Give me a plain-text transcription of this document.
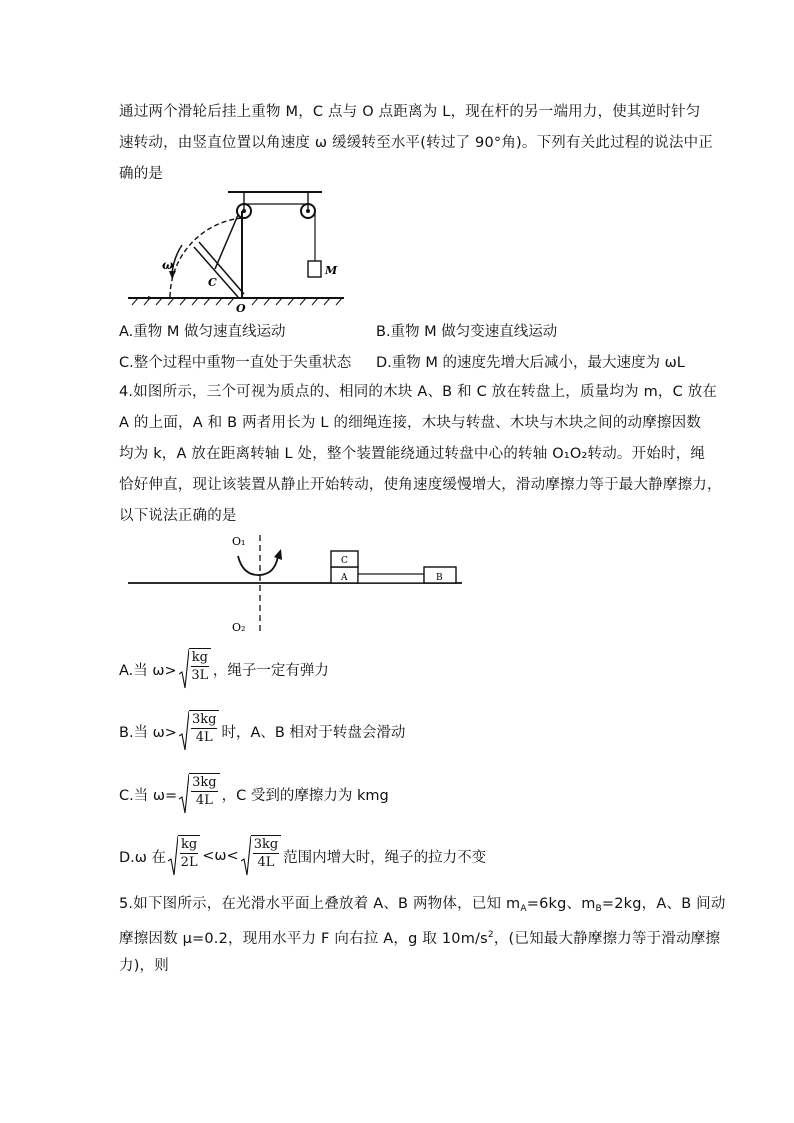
通过两个滑轮后挂上重物 M，C 点与 O 点距离为 L，现在杆的另一端用力，使其逆时针匀
速转动，由竖直位置以角速度 ω 缓缓转至水平(转过了 90°角)。下列有关此过程的说法中正
确的是
M
C
ω
O
A.重物 M 做匀速直线运动	B.重物 M 做匀变速直线运动
C.整个过程中重物一直处于失重状态 D.重物 M 的速度先增大后减小，最大速度为 ωL
4.如图所示，三个可视为质点的、相同的木块 A、B 和 C 放在转盘上，质量均为 m，C 放在
A 的上面，A 和 B 两者用长为 L 的细绳连接，木块与转盘、木块与木块之间的动摩擦因数
均为 k，A 放在距离转轴 L 处，整个装置能绕通过转盘中心的转轴 O₁O₂转动。开始时，绳
恰好伸直，现让该装置从静止开始转动，使角速度缓慢增大，滑动摩擦力等于最大静摩擦力，
以下说法正确的是
O₁
O₂
A
C
B
A.当 $\omega> \frac{kg}{3L}$ ，绳子一定有弹力
B.当 $\omega> \frac{3kg}{4L}$ 时，A、B 相对于转盘会滑动
C.当 $\omega= \frac{3kg}{4L}$ ，C 受到的摩擦力为 kmg
D.ω 在 $\frac{kg}{2L} <\omega< \frac{3kg}{4L}$ 范围内增大时，绳子的拉力不变
5.如下图所示，在光滑水平面上叠放着 A、B 两物体，已知 $m_A=6kg$、$m_B=2kg$，A、B 间动
摩擦因数 μ=0.2，现用水平力 F 向右拉 A，g 取 $10m/s^2$，(已知最大静摩擦力等于滑动摩擦
力)，则
